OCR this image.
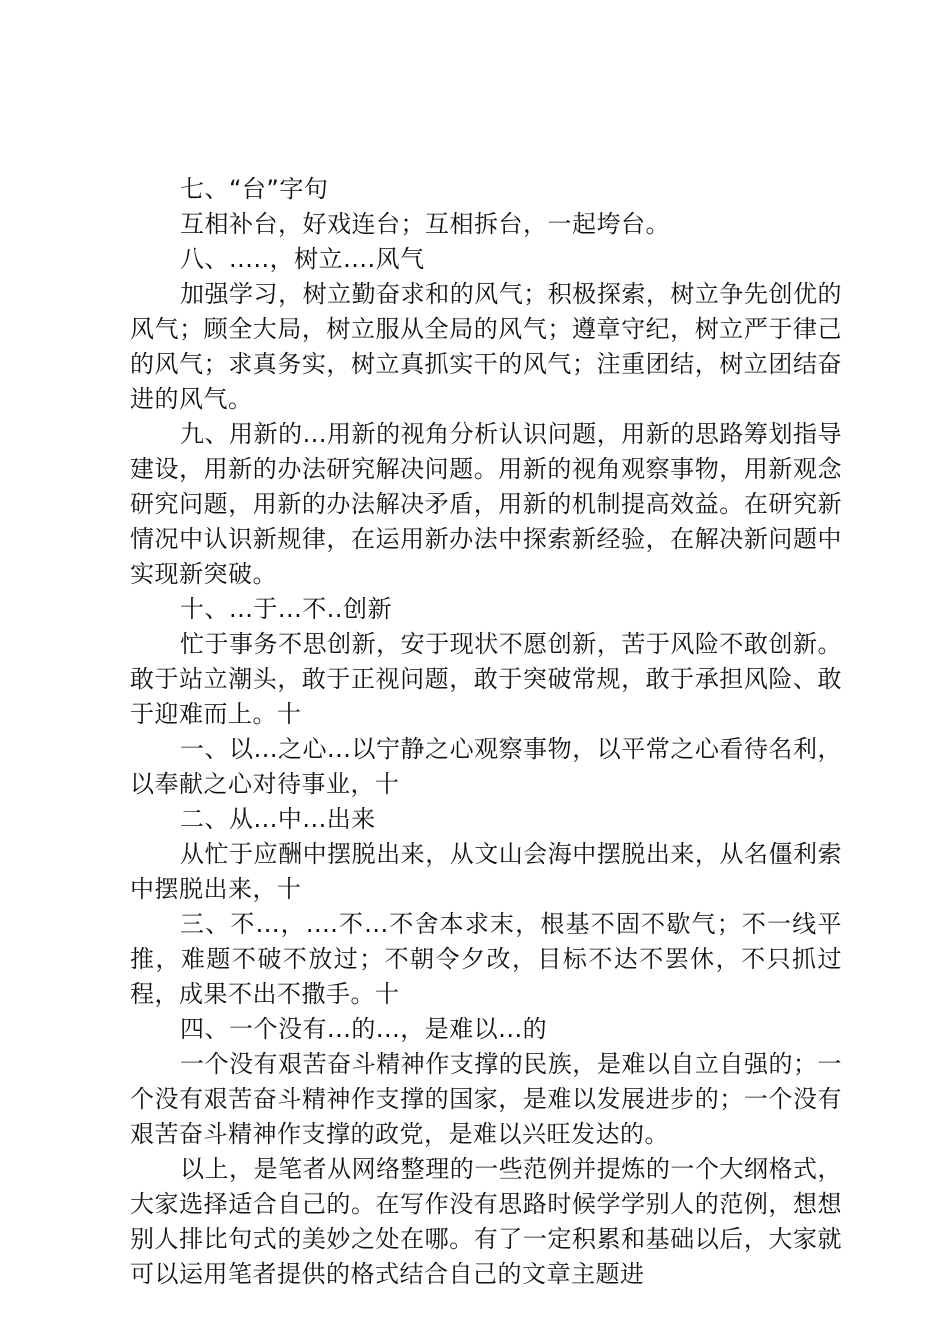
七、“台”字句

互相补台，好戏连台；互相拆台，一起垮台。

八、.....，树立....风气

加强学习，树立勤奋求和的风气；积极探索，树立争先创优的风气；顾全大局，树立服从全局的风气；遵章守纪，树立严于律己的风气；求真务实，树立真抓实干的风气；注重团结，树立团结奋进的风气。

九、用新的...用新的视角分析认识问题，用新的思路筹划指导建设，用新的办法研究解决问题。用新的视角观察事物，用新观念研究问题，用新的办法解决矛盾，用新的机制提高效益。在研究新情况中认识新规律，在运用新办法中探索新经验，在解决新问题中实现新突破。

十、...于...不..创新

忙于事务不思创新，安于现状不愿创新，苦于风险不敢创新。敢于站立潮头，敢于正视问题，敢于突破常规，敢于承担风险、敢于迎难而上。十

一、以...之心...以宁静之心观察事物，以平常之心看待名利，以奉献之心对待事业，十

二、从...中...出来

从忙于应酬中摆脱出来，从文山会海中摆脱出来，从名僵利索中摆脱出来，十

三、不...，....不...不舍本求末，根基不固不歇气；不一线平推，难题不破不放过；不朝令夕改，目标不达不罢休，不只抓过程，成果不出不撒手。十

四、一个没有...的...，是难以...的

一个没有艰苦奋斗精神作支撑的民族，是难以自立自强的；一个没有艰苦奋斗精神作支撑的国家，是难以发展进步的；一个没有艰苦奋斗精神作支撑的政党，是难以兴旺发达的。

以上，是笔者从网络整理的一些范例并提炼的一个大纲格式，大家选择适合自己的。在写作没有思路时候学学别人的范例，想想别人排比句式的美妙之处在哪。有了一定积累和基础以后，大家就可以运用笔者提供的格式结合自己的文章主题进
